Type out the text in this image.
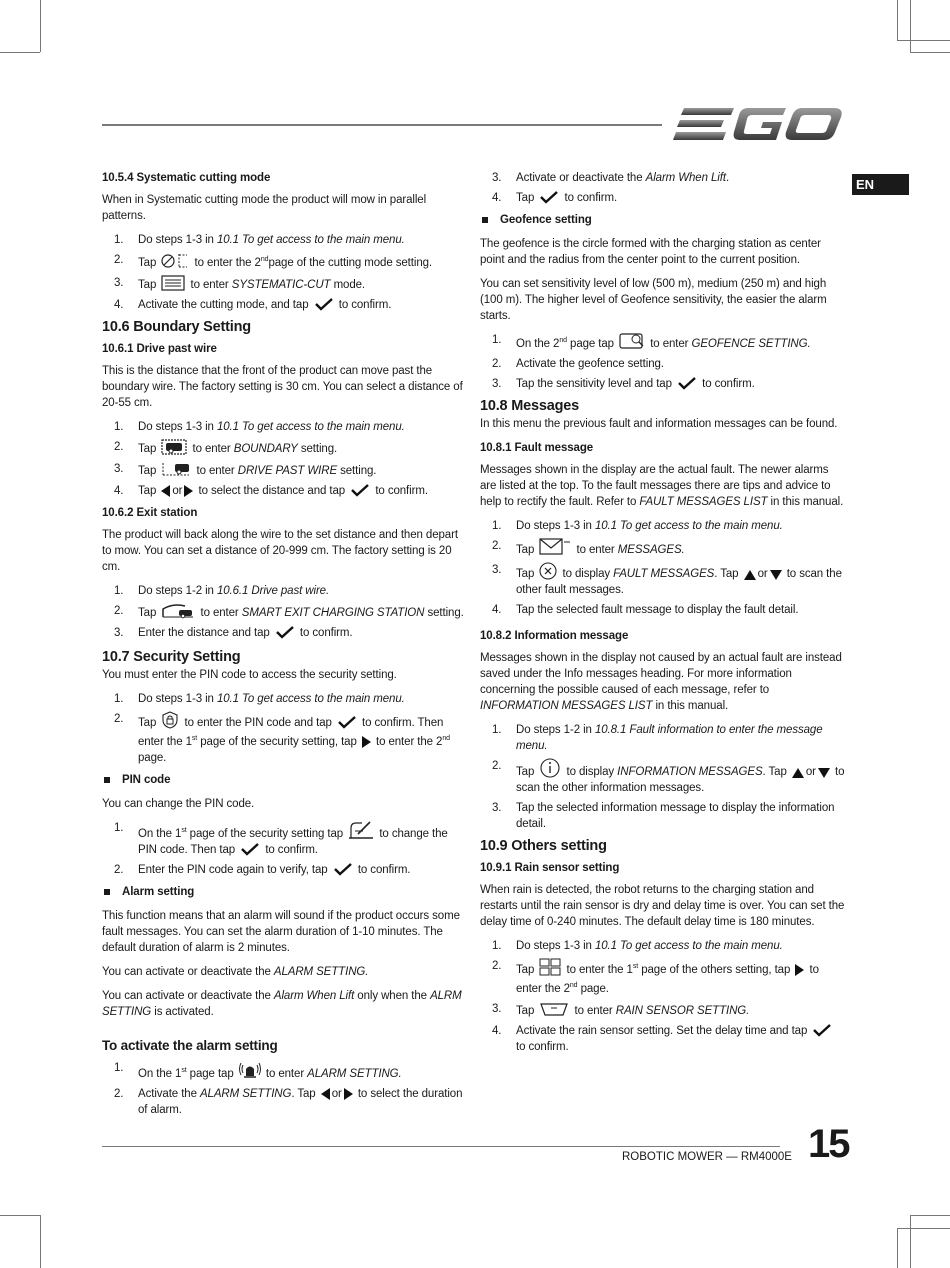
EN
10.5.4 Systematic cutting mode
When in Systematic cutting mode the product will mow in parallel patterns.
1. Do steps 1-3 in 10.1 To get access to the main menu.
2. Tap	to enter the 2ndpage of the cutting mode setting.
3. Tap	to enter SYSTEMATIC-CUT mode.
4. Activate the cutting mode, and tap	to confirm.
10.6 Boundary Setting
10.6.1 Drive past wire
This is the distance that the front of the product can move past the boundary wire. The factory setting is 30 cm. You can select a distance of 20-55 cm.
1. Do steps 1-3 in 10.1 To get access to the main menu.
2. Tap	to enter BOUNDARY setting.
3. Tap	to enter DRIVE PAST WIRE setting.
4. Tap or to select the distance and tap	to confirm.
10.6.2 Exit station
The product will back along the wire to the set distance and then depart to mow. You can set a distance of 20-999 cm. The factory setting is 20 cm.
1. Do steps 1-2 in 10.6.1 Drive past wire.
2. Tap	to enter SMART EXIT CHARGING STATION setting.
3. Enter the distance and tap	to confirm.
10.7 Security Setting
You must enter the PIN code to access the security setting.
1. Do steps 1-3 in 10.1 To get access to the main menu.
2. Tap to enter the PIN code and tap	to confirm. Then enter the 1st page of the security setting, tap to enter the 2nd page.
PIN code
You can change the PIN code.
1. On the 1st page of the security setting tap	to change the PIN code. Then tap	to confirm.
2. Enter the PIN code again to verify, tap	to confirm.
Alarm setting
This function means that an alarm will sound if the product occurs some fault messages. You can set the alarm duration of 1-10 minutes. The default duration of alarm is 2 minutes.
You can activate or deactivate the ALARM SETTING.
You can activate or deactivate the Alarm When Lift only when the ALRM SETTING is activated.
To activate the alarm setting
1. On the 1st page tap	to enter ALARM SETTING.
2. Activate the ALARM SETTING. Tap or to select the duration of alarm.
3. Activate or deactivate the Alarm When Lift.
4. Tap	to confirm.
Geofence setting
The geofence is the circle formed with the charging station as center point and the radius from the center point to the current position.
You can set sensitivity level of low (500 m), medium (250 m) and high (100 m). The higher level of Geofence sensitivity, the easier the alarm starts.
1. On the 2nd page tap	to enter GEOFENCE SETTING.
2. Activate the geofence setting.
3. Tap the sensitivity level and tap	to confirm.
10.8 Messages
In this menu the previous fault and information messages can be found.
10.8.1 Fault message
Messages shown in the display are the actual fault. The newer alarms are listed at the top. To the fault messages there are tips and advice to help to rectify the fault. Refer to FAULT MESSAGES LIST in this manual.
1. Do steps 1-3 in 10.1 To get access to the main menu.
2. Tap	to enter MESSAGES.
3. Tap to display FAULT MESSAGES. Tap or to scan the other fault messages.
4. Tap the selected fault message to display the fault detail.
10.8.2 Information message
Messages shown in the display not caused by an actual fault are instead saved under the Info messages heading. For more information concerning the possible caused of each message, refer to INFORMATION MESSAGES LIST in this manual.
1. Do steps 1-2 in 10.8.1 Fault information to enter the message menu.
2. Tap	to display INFORMATION MESSAGES. Tap or to scan the other information messages.
3. Tap the selected information message to display the information detail.
10.9 Others setting
10.9.1 Rain sensor setting
When rain is detected, the robot returns to the charging station and restarts until the rain sensor is dry and delay time is over. You can set the delay time of 0-240 minutes. The default delay time is 180 minutes.
1. Do steps 1-3 in 10.1 To get access to the main menu.
2. Tap	to enter the 1st page of the others setting, tap to enter the 2nd page.
3. Tap	to enter RAIN SENSOR SETTING.
4. Activate the rain sensor setting. Set the delay time and tap
to confirm.
ROBOTIC MOWER — RM4000E 15
